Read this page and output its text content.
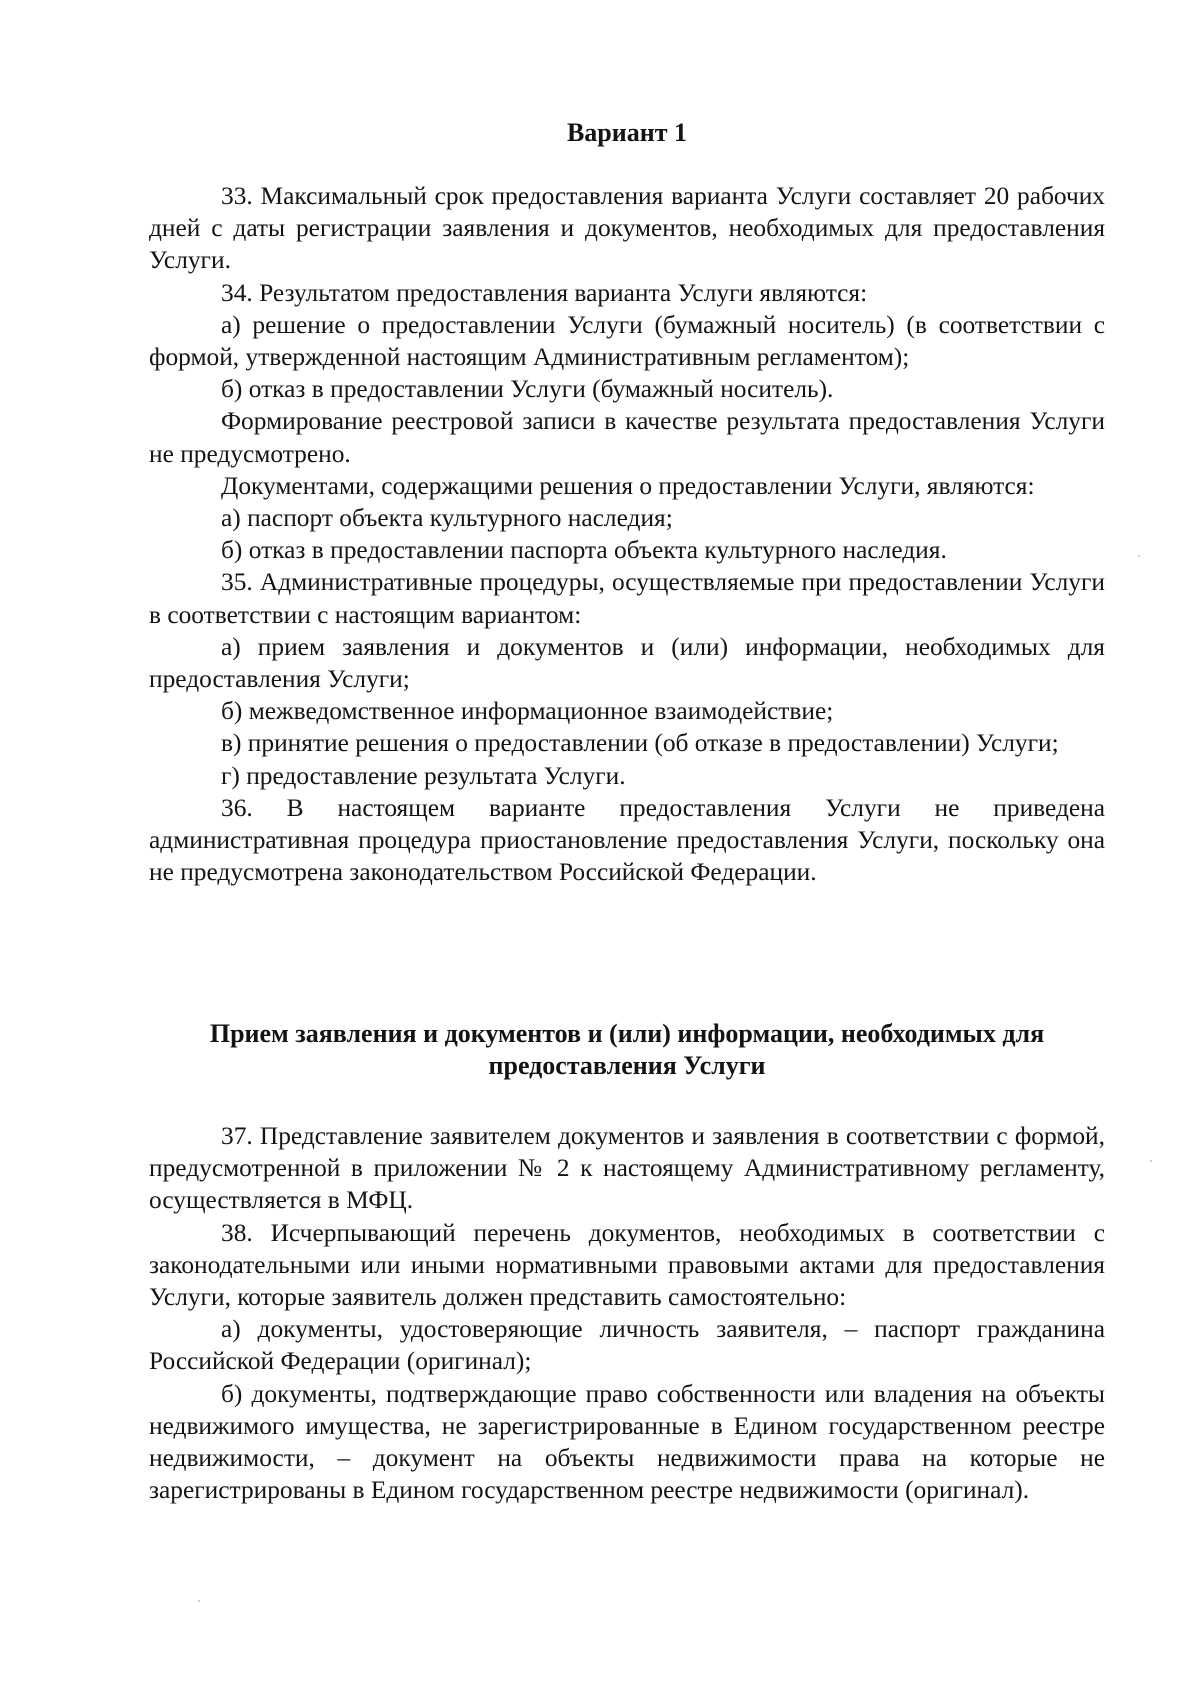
Вариант 1

33. Максимальный срок предоставления варианта Услуги составляет 20 рабочих дней с даты регистрации заявления и документов, необходимых для предоставления Услуги.

34. Результатом предоставления варианта Услуги являются:

а) решение о предоставлении Услуги (бумажный носитель) (в соответствии с формой, утвержденной настоящим Административным регламентом);

б) отказ в предоставлении Услуги (бумажный носитель).

Формирование реестровой записи в качестве результата предоставления Услуги не предусмотрено.

Документами, содержащими решения о предоставлении Услуги, являются:

а) паспорт объекта культурного наследия;

б) отказ в предоставлении паспорта объекта культурного наследия.

35. Административные процедуры, осуществляемые при предоставлении Услуги в соответствии с настоящим вариантом:

а) прием заявления и документов и (или) информации, необходимых для предоставления Услуги;

б) межведомственное информационное взаимодействие;

в) принятие решения о предоставлении (об отказе в предоставлении) Услуги;

г) предоставление результата Услуги.

36. В настоящем варианте предоставления Услуги не приведена административная процедура приостановление предоставления Услуги, поскольку она не предусмотрена законодательством Российской Федерации.

Прием заявления и документов и (или) информации, необходимых для
предоставления Услуги

37. Представление заявителем документов и заявления в соответствии с формой, предусмотренной в приложении № 2 к настоящему Административному регламенту, осуществляется в МФЦ.

38. Исчерпывающий перечень документов, необходимых в соответствии с законодательными или иными нормативными правовыми актами для предоставления Услуги, которые заявитель должен представить самостоятельно:

а) документы, удостоверяющие личность заявителя, – паспорт гражданина Российской Федерации (оригинал);

б) документы, подтверждающие право собственности или владения на объекты недвижимого имущества, не зарегистрированные в Едином государственном реестре недвижимости, – документ на объекты недвижимости права на которые не зарегистрированы в Едином государственном реестре недвижимости (оригинал).
